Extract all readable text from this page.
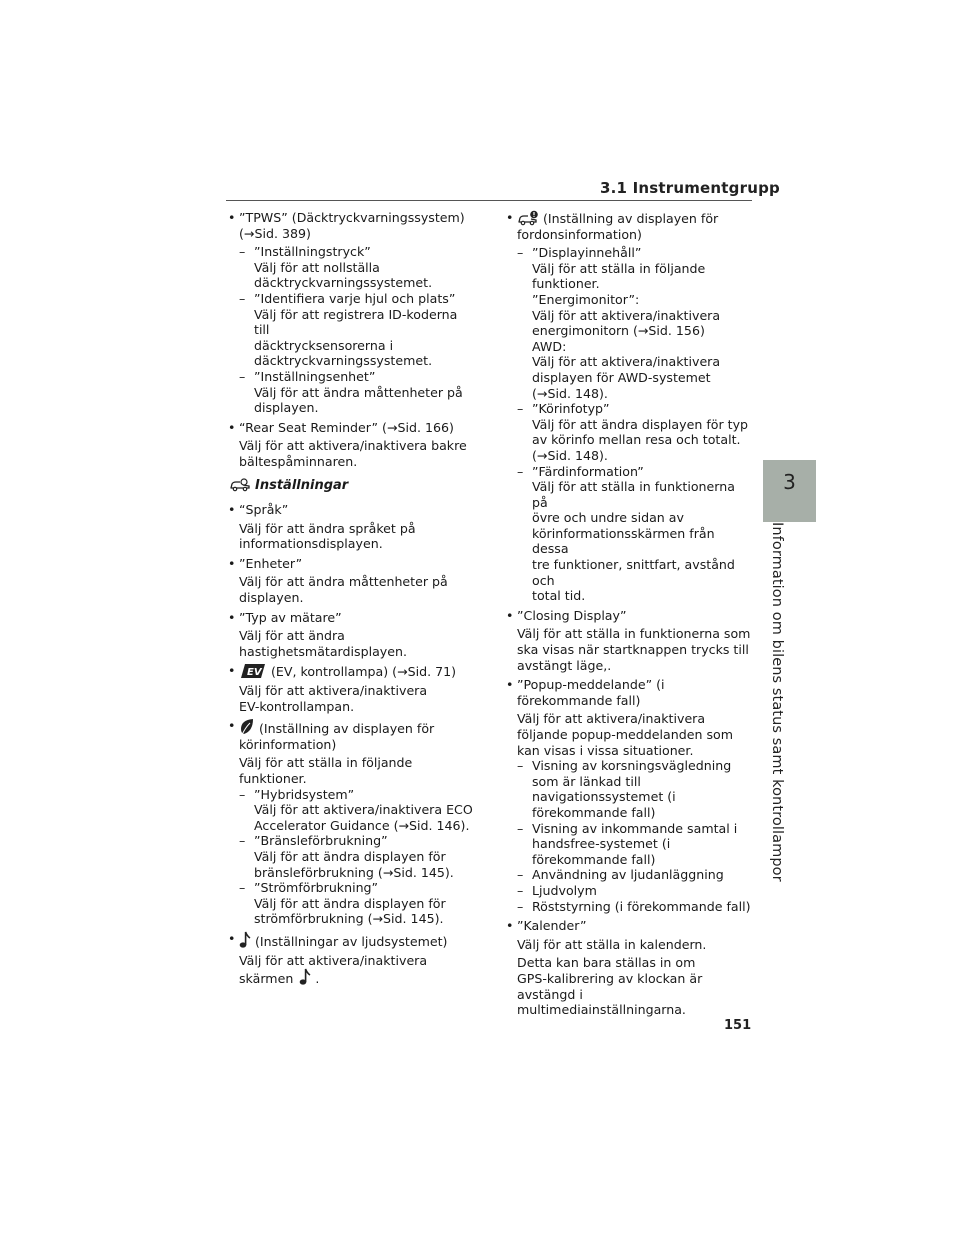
3.1 Instrumentgrupp
3
Information om bilens status samt kontrollampor
• ”TPWS” (Däcktryckvarningssystem)
(→Sid. 389)
– ”Inställningstryck”
Välj för att nollställa
däcktryckvarningssystemet.
– ”Identifiera varje hjul och plats”
Välj för att registrera ID-koderna till
däcktrycksensorerna i
däcktryckvarningssystemet.
– ”Inställningsenhet”
Välj för att ändra måttenheter på
displayen.
• “Rear Seat Reminder” (→Sid. 166)
Välj för att aktivera/inaktivera bakre
bältespåminnaren.
Inställningar
• “Språk”
Välj för att ändra språket på
informationsdisplayen.
• ”Enheter”
Välj för att ändra måttenheter på
displayen.
• ”Typ av mätare”
Välj för att ändra
hastighetsmätardisplayen.
• EV (EV, kontrollampa) (→Sid. 71)
Välj för att aktivera/inaktivera
EV-kontrollampan.
• (Inställning av displayen för
körinformation)
Välj för att ställa in följande
funktioner.
– ”Hybridsystem”
Välj för att aktivera/inaktivera ECO
Accelerator Guidance (→Sid. 146).
– ”Bränsleförbrukning”
Välj för att ändra displayen för
bränsleförbrukning (→Sid. 145).
– ”Strömförbrukning”
Välj för att ändra displayen för
strömförbrukning (→Sid. 145).
• (Inställningar av ljudsystemet)
Välj för att aktivera/inaktivera
skärmen .
• (Inställning av displayen för
fordonsinformation)
– ”Displayinnehåll”
Välj för att ställa in följande
funktioner.
”Energimonitor”:
Välj för att aktivera/inaktivera
energimonitorn (→Sid. 156)
AWD:
Välj för att aktivera/inaktivera
displayen för AWD-systemet
(→Sid. 148).
– ”Körinfotyp”
Välj för att ändra displayen för typ
av körinfo mellan resa och totalt.
(→Sid. 148).
– ”Färdinformation”
Välj för att ställa in funktionerna på
övre och undre sidan av
körinformationsskärmen från dessa
tre funktioner, snittfart, avstånd och
total tid.
• ”Closing Display”
Välj för att ställa in funktionerna som
ska visas när startknappen trycks till
avstängt läge,.
• ”Popup-meddelande” (i
förekommande fall)
Välj för att aktivera/inaktivera
följande popup-meddelanden som
kan visas i vissa situationer.
– Visning av korsningsvägledning
som är länkad till
navigationssystemet (i
förekommande fall)
– Visning av inkommande samtal i
handsfree-systemet (i
förekommande fall)
– Användning av ljudanläggning
– Ljudvolym
– Röststyrning (i förekommande fall)
• ”Kalender”
Välj för att ställa in kalendern.
Detta kan bara ställas in om
GPS-kalibrering av klockan är
avstängd i multimediainställningarna.
151
